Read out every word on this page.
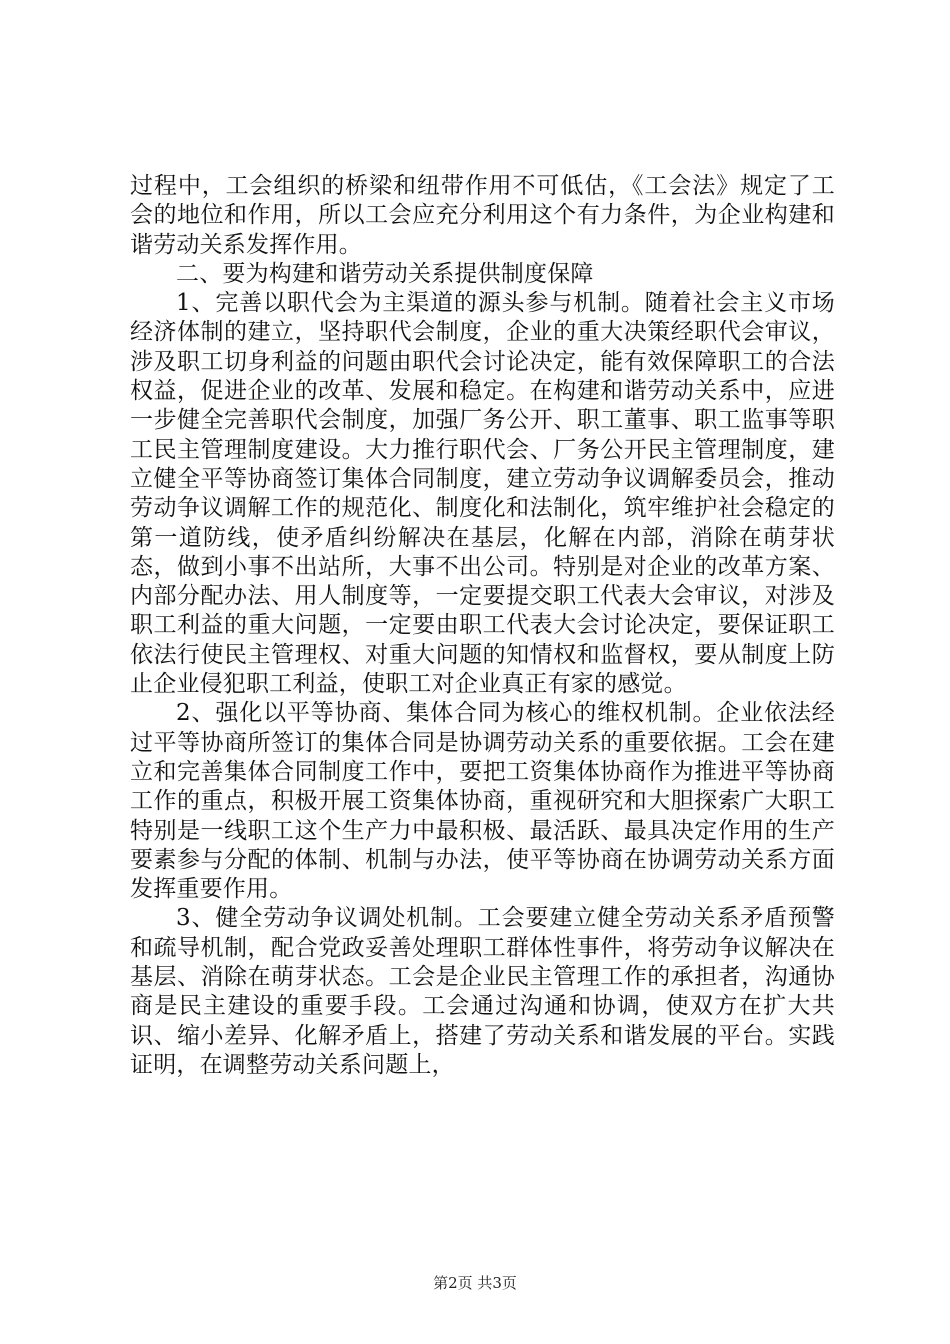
过程中，工会组织的桥梁和纽带作用不可低估，《工会法》规定了工会的地位和作用，所以工会应充分利用这个有力条件，为企业构建和谐劳动关系发挥作用。

二、要为构建和谐劳动关系提供制度保障

1、完善以职代会为主渠道的源头参与机制。随着社会主义市场经济体制的建立，坚持职代会制度，企业的重大决策经职代会审议，涉及职工切身利益的问题由职代会讨论决定，能有效保障职工的合法权益，促进企业的改革、发展和稳定。在构建和谐劳动关系中，应进一步健全完善职代会制度，加强厂务公开、职工董事、职工监事等职工民主管理制度建设。大力推行职代会、厂务公开民主管理制度，建立健全平等协商签订集体合同制度，建立劳动争议调解委员会，推动劳动争议调解工作的规范化、制度化和法制化，筑牢维护社会稳定的第一道防线，使矛盾纠纷解决在基层，化解在内部，消除在萌芽状态，做到小事不出站所，大事不出公司。特别是对企业的改革方案、内部分配办法、用人制度等，一定要提交职工代表大会审议，对涉及职工利益的重大问题，一定要由职工代表大会讨论决定，要保证职工依法行使民主管理权、对重大问题的知情权和监督权，要从制度上防止企业侵犯职工利益，使职工对企业真正有家的感觉。

2、强化以平等协商、集体合同为核心的维权机制。企业依法经过平等协商所签订的集体合同是协调劳动关系的重要依据。工会在建立和完善集体合同制度工作中，要把工资集体协商作为推进平等协商工作的重点，积极开展工资集体协商，重视研究和大胆探索广大职工特别是一线职工这个生产力中最积极、最活跃、最具决定作用的生产要素参与分配的体制、机制与办法，使平等协商在协调劳动关系方面发挥重要作用。

3、健全劳动争议调处机制。工会要建立健全劳动关系矛盾预警和疏导机制，配合党政妥善处理职工群体性事件，将劳动争议解决在基层、消除在萌芽状态。工会是企业民主管理工作的承担者，沟通协商是民主建设的重要手段。工会通过沟通和协调，使双方在扩大共识、缩小差异、化解矛盾上，搭建了劳动关系和谐发展的平台。实践证明，在调整劳动关系问题上，

第2页 共3页
